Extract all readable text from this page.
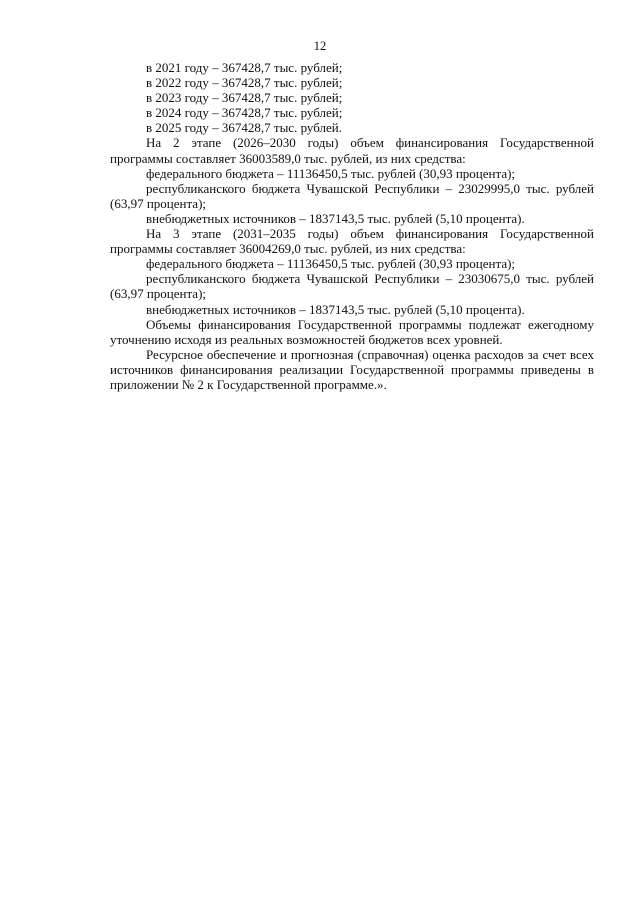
12

в 2021 году – 367428,7 тыс. рублей;

в 2022 году – 367428,7 тыс. рублей;

в 2023 году – 367428,7 тыс. рублей;

в 2024 году – 367428,7 тыс. рублей;

в 2025 году – 367428,7 тыс. рублей.

На 2 этапе (2026–2030 годы) объем финансирования Государственной программы составляет 36003589,0 тыс. рублей, из них средства:

федерального бюджета – 11136450,5 тыс. рублей (30,93 процента);

республиканского бюджета Чувашской Республики – 23029995,0 тыс. рублей (63,97 процента);

внебюджетных источников – 1837143,5 тыс. рублей (5,10 процента).

На 3 этапе (2031–2035 годы) объем финансирования Государственной программы составляет 36004269,0 тыс. рублей, из них средства:

федерального бюджета – 11136450,5 тыс. рублей (30,93 процента);

республиканского бюджета Чувашской Республики – 23030675,0 тыс. рублей (63,97 процента);

внебюджетных источников – 1837143,5 тыс. рублей (5,10 процента).

Объемы финансирования Государственной программы подлежат ежегодному уточнению исходя из реальных возможностей бюджетов всех уровней.

Ресурсное обеспечение и прогнозная (справочная) оценка расходов за счет всех источников финансирования реализации Государственной программы приведены в приложении № 2 к Государственной программе.».
